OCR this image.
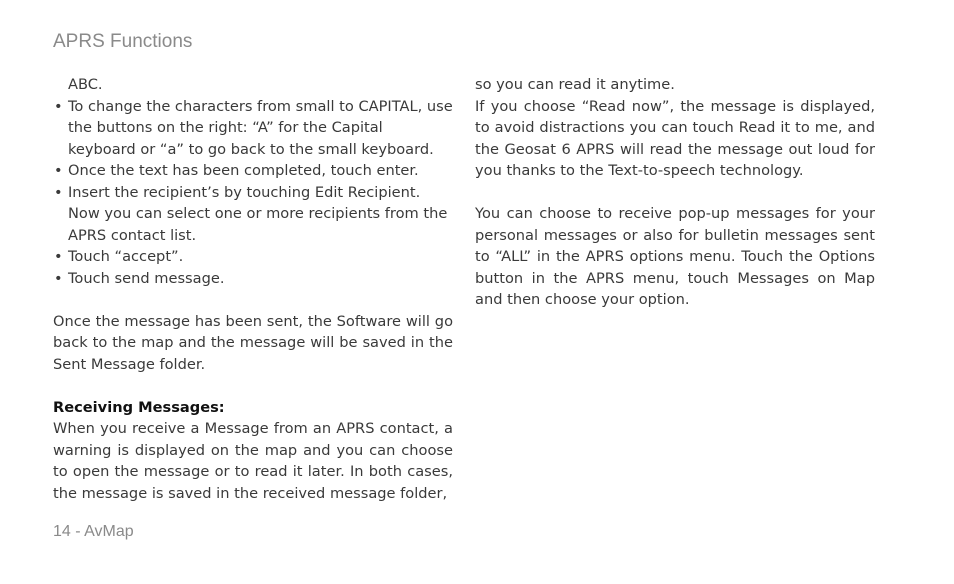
APRS Functions

ABC.

• To change the characters from small to CAPITAL, use the buttons on the right: “A” for the Capital keyboard or “a” to go back to the small keyboard.
• Once the text has been completed, touch enter.
• Insert the recipient’s by touching Edit Recipient. Now you can select one or more recipients from the APRS contact list.
• Touch “accept”.
• Touch send message.

Once the message has been sent, the Software will go back to the map and the message will be saved in the Sent Message folder.

Receiving Messages:

When you receive a Message from an APRS contact, a warning is displayed on the map and you can choose to open the message or to read it later. In both cases, the message is saved in the received message folder,

so you can read it anytime.

If you choose “Read now”, the message is displayed, to avoid distractions you can touch Read it to me, and the Geosat 6 APRS will read the message out loud for you thanks to the Text-to-speech technology.

You can choose to receive pop-up messages for your personal messages or also for bulletin messages sent to “ALL” in the APRS options menu. Touch the Options button in the APRS menu, touch Messages on Map and then choose your option.

14 - AvMap
